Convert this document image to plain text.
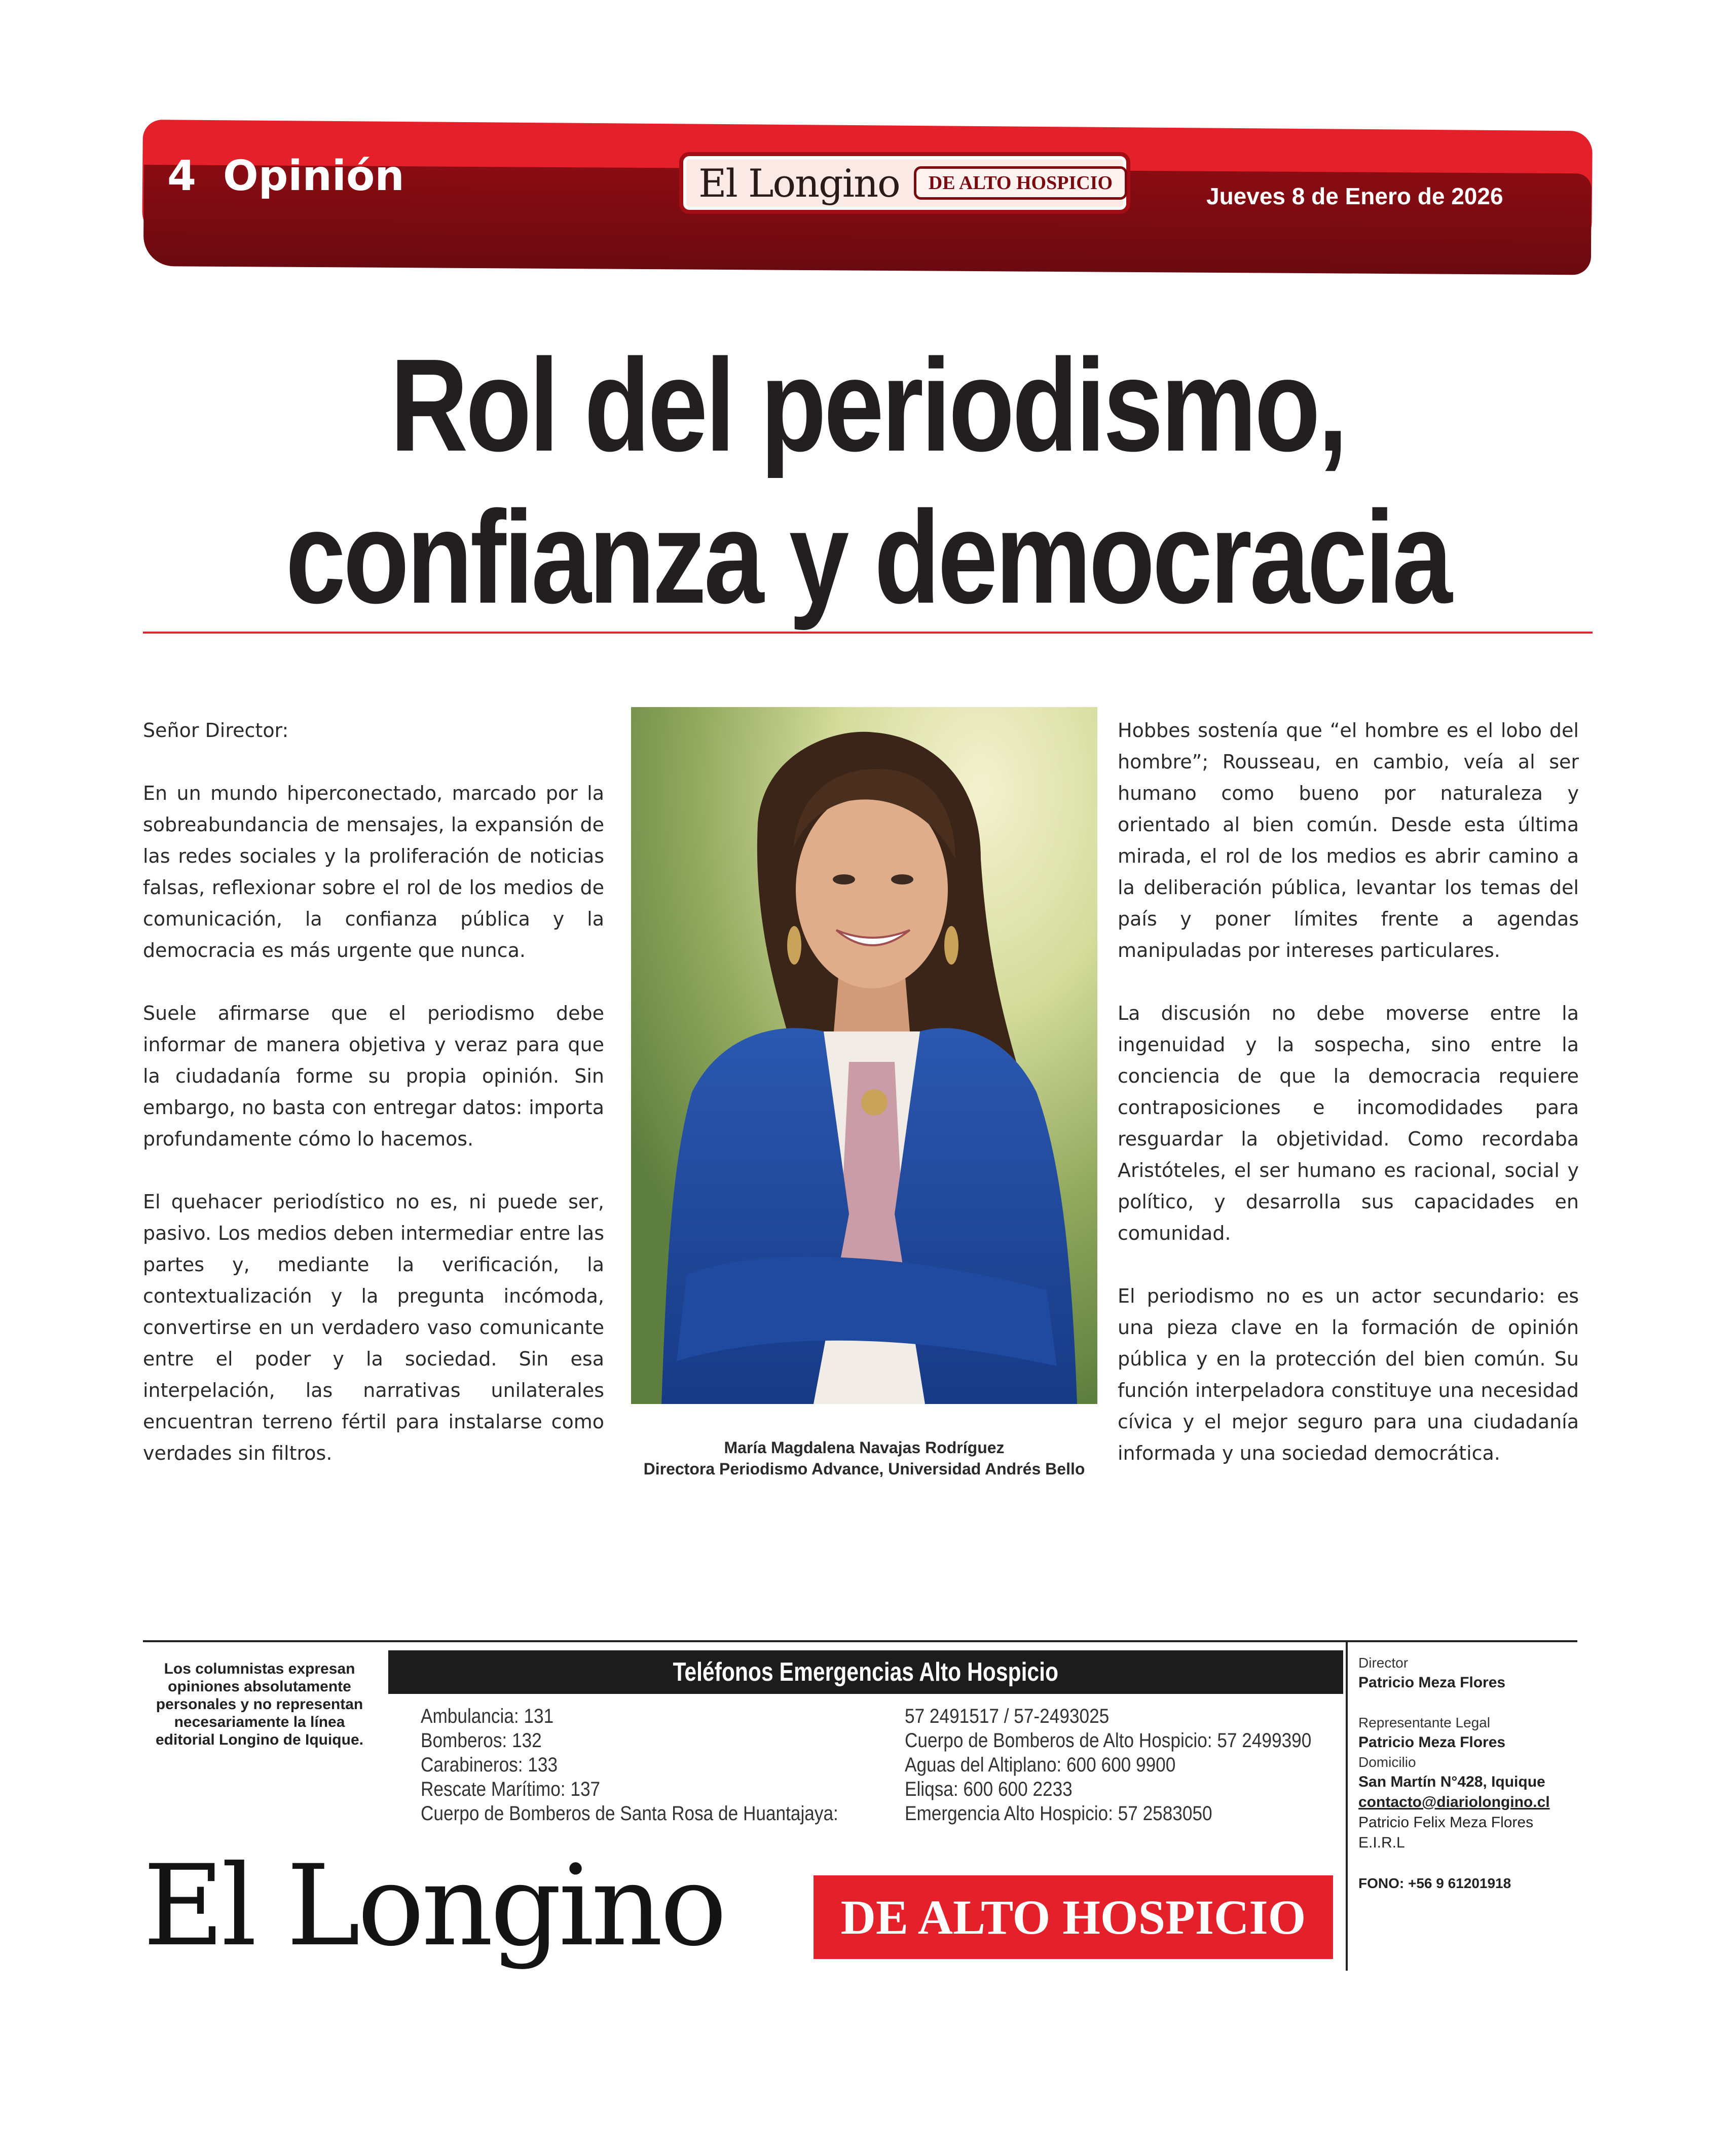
4 Opinión	El Longino	DE ALTO HOSPICIO	Jueves 8 de Enero de 2026
Rol del periodismo,
confianza y democracia

Señor Director:

En un mundo hiperconectado, marcado por la sobreabundancia de mensajes, la expansión de las redes sociales y la proliferación de noticias falsas, reflexionar sobre el rol de los medios de comunicación, la confianza pública y la democracia es más urgente que nunca.

Suele afirmarse que el periodismo debe informar de manera objetiva y veraz para que la ciudadanía forme su propia opinión. Sin embargo, no basta con entregar datos: importa profundamente cómo lo hacemos.

El quehacer periodístico no es, ni puede ser, pasivo. Los medios deben intermediar entre las partes y, mediante la verificación, la contextualización y la pregunta incómoda, convertirse en un verdadero vaso comunicante entre el poder y la sociedad. Sin esa interpelación, las narrativas unilaterales encuentran terreno fértil para instalarse como verdades sin filtros.	María Magdalena Navajas Rodríguez
Directora Periodismo Advance, Universidad Andrés Bello

Hobbes sostenía que “el hombre es el lobo del hombre”; Rousseau, en cambio, veía al ser humano como bueno por naturaleza y orientado al bien común. Desde esta última mirada, el rol de los medios es abrir camino a la deliberación pública, levantar los temas del país y poner límites frente a agendas manipuladas por intereses particulares.

La discusión no debe moverse entre la ingenuidad y la sospecha, sino entre la conciencia de que la democracia requiere contraposiciones e incomodidades para resguardar la objetividad. Como recordaba Aristóteles, el ser humano es racional, social y político, y desarrolla sus capacidades en comunidad.

El periodismo no es un actor secundario: es una pieza clave en la formación de opinión pública y en la protección del bien común. Su función interpeladora constituye una necesidad cívica y el mejor seguro para una ciudadanía informada y una sociedad democrática.

Los columnistas expresan opiniones absolutamente personales y no representan necesariamente la línea editorial Longino de Iquique.
Teléfonos Emergencias Alto Hospicio
Ambulancia: 131
Bomberos: 132
Carabineros: 133
Rescate Marítimo: 137
Cuerpo de Bomberos de Santa Rosa de Huantajaya:
57 2491517 / 57-2493025
Cuerpo de Bomberos de Alto Hospicio: 57 2499390
Aguas del Altiplano: 600 600 9900
Eliqsa: 600 600 2233
Emergencia Alto Hospicio: 57 2583050
Director
Patricio Meza Flores
Representante Legal
Patricio Meza Flores
Domicilio
San Martín N°428, Iquique
contacto@diariolongino.cl
Patricio Felix Meza Flores E.I.R.L
FONO: +56 9 61201918
El Longino DE ALTO HOSPICIO
